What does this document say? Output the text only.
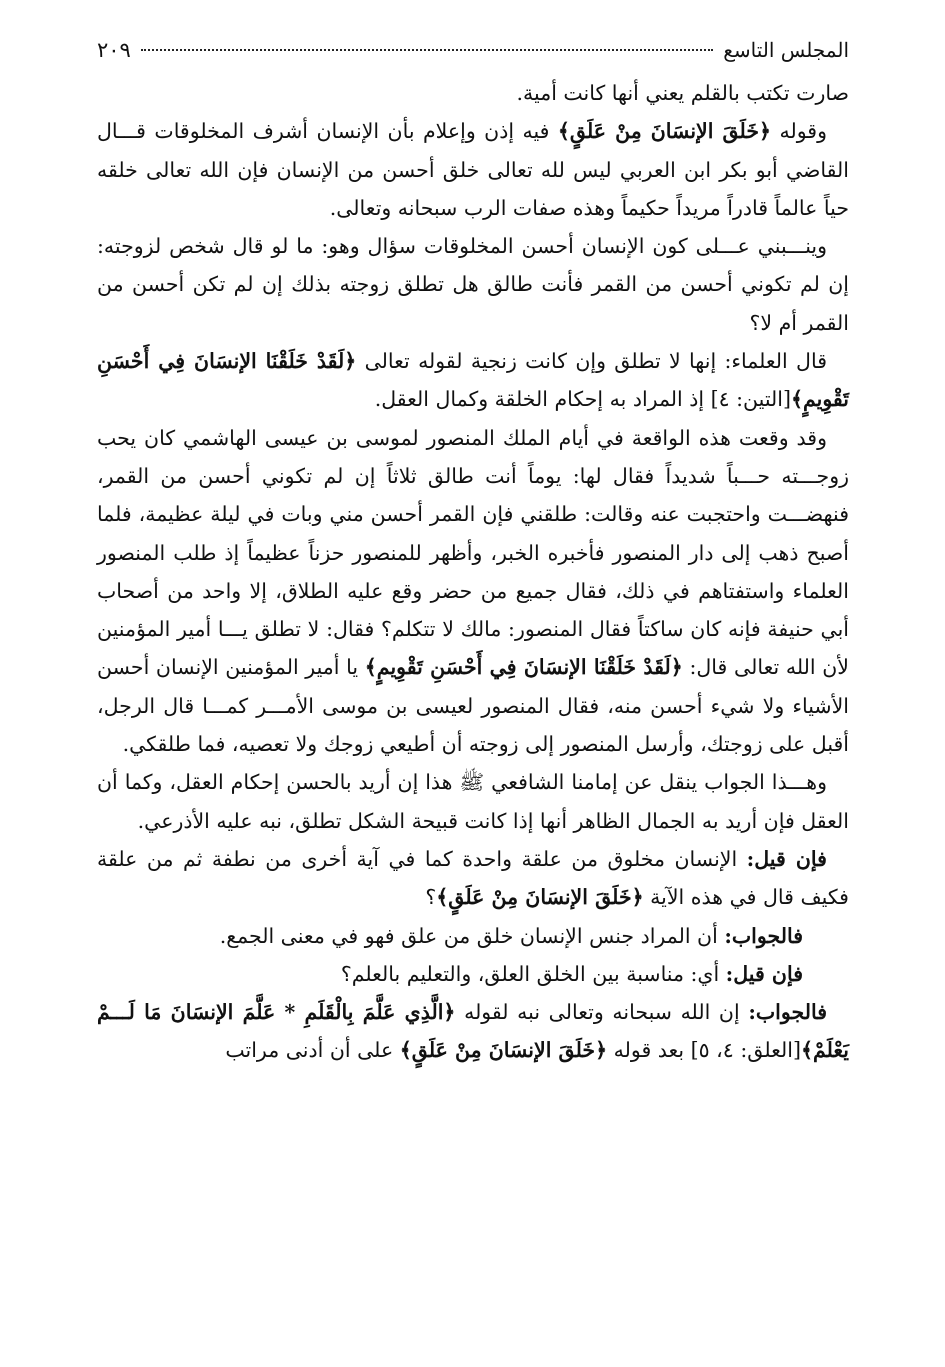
المجلس التاسع
٢٠٩

صارت تكتب بالقلم يعني أنها كانت أمية.

وقوله ﴿خَلَقَ الإنسَانَ مِنْ عَلَقٍ﴾ فيه إذن وإعلام بأن الإنسان أشرف المخلوقات قـــال القاضي أبو بكر ابن العربي ليس لله تعالى خلق أحسن من الإنسان فإن الله تعالى خلقه حياً عالماً قادراً مريداً حكيماً وهذه صفات الرب سبحانه وتعالى.

وينـــبني عـــلى كون الإنسان أحسن المخلوقات سؤال وهو: ما لو قال شخص لزوجته: إن لم تكوني أحسن من القمر فأنت طالق هل تطلق زوجته بذلك إن لم تكن أحسن من القمر أم لا؟

قال العلماء: إنها لا تطلق وإن كانت زنجية لقوله تعالى ﴿لَقَدْ خَلَقْنَا الإنسَانَ فِي أَحْسَنِ تَقْوِيمٍ﴾[التين: ٤] إذ المراد به إحكام الخلقة وكمال العقل.

وقد وقعت هذه الواقعة في أيام الملك المنصور لموسى بن عيسى الهاشمي كان يحب زوجـــته حـــباً شديداً فقال لها: يوماً أنت طالق ثلاثاً إن لم تكوني أحسن من القمر، فنهضـــت واحتجبت عنه وقالت: طلقني فإن القمر أحسن مني وبات في ليلة عظيمة، فلما أصبح ذهب إلى دار المنصور فأخبره الخبر، وأظهر للمنصور حزناً عظيماً إذ طلب المنصور العلماء واستفتاهم في ذلك، فقال جميع من حضر وقع عليه الطلاق، إلا واحد من أصحاب أبي حنيفة فإنه كان ساكتاً فقال المنصور: مالك لا تتكلم؟ فقال: لا تطلق يـــا أمير المؤمنين لأن الله تعالى قال: ﴿لَقَدْ خَلَقْنَا الإنسَانَ فِي أَحْسَنِ تَقْوِيمٍ﴾ يا أمير المؤمنين الإنسان أحسن الأشياء ولا شيء أحسن منه، فقال المنصور لعيسى بن موسى الأمـــر كمـــا قال الرجل، أقبل على زوجتك، وأرسل المنصور إلى زوجته أن أطيعي زوجك ولا تعصيه، فما طلقكي.

وهـــذا الجواب ينقل عن إمامنا الشافعي ﷺ هذا إن أريد بالحسن إحكام العقل، وكما أن العقل فإن أريد به الجمال الظاهر أنها إذا كانت قبيحة الشكل تطلق، نبه عليه الأذرعي.

فإن قيل: الإنسان مخلوق من علقة واحدة كما في آية أخرى من نطفة ثم من علقة فكيف قال في هذه الآية ﴿خَلَقَ الإنسَانَ مِنْ عَلَقٍ﴾؟

فالجواب: أن المراد جنس الإنسان خلق من علق فهو في معنى الجمع.

فإن قيل: أي: مناسبة بين الخلق العلق، والتعليم بالعلم؟

فالجواب: إن الله سبحانه وتعالى نبه لقوله ﴿الَّذِي عَلَّمَ بِالْقَلَمِ * عَلَّمَ الإنسَانَ مَا لَـــمْ يَعْلَمْ﴾[العلق: ٤، ٥] بعد قوله ﴿خَلَقَ الإنسَانَ مِنْ عَلَقٍ﴾ على أن أدنى مراتب
